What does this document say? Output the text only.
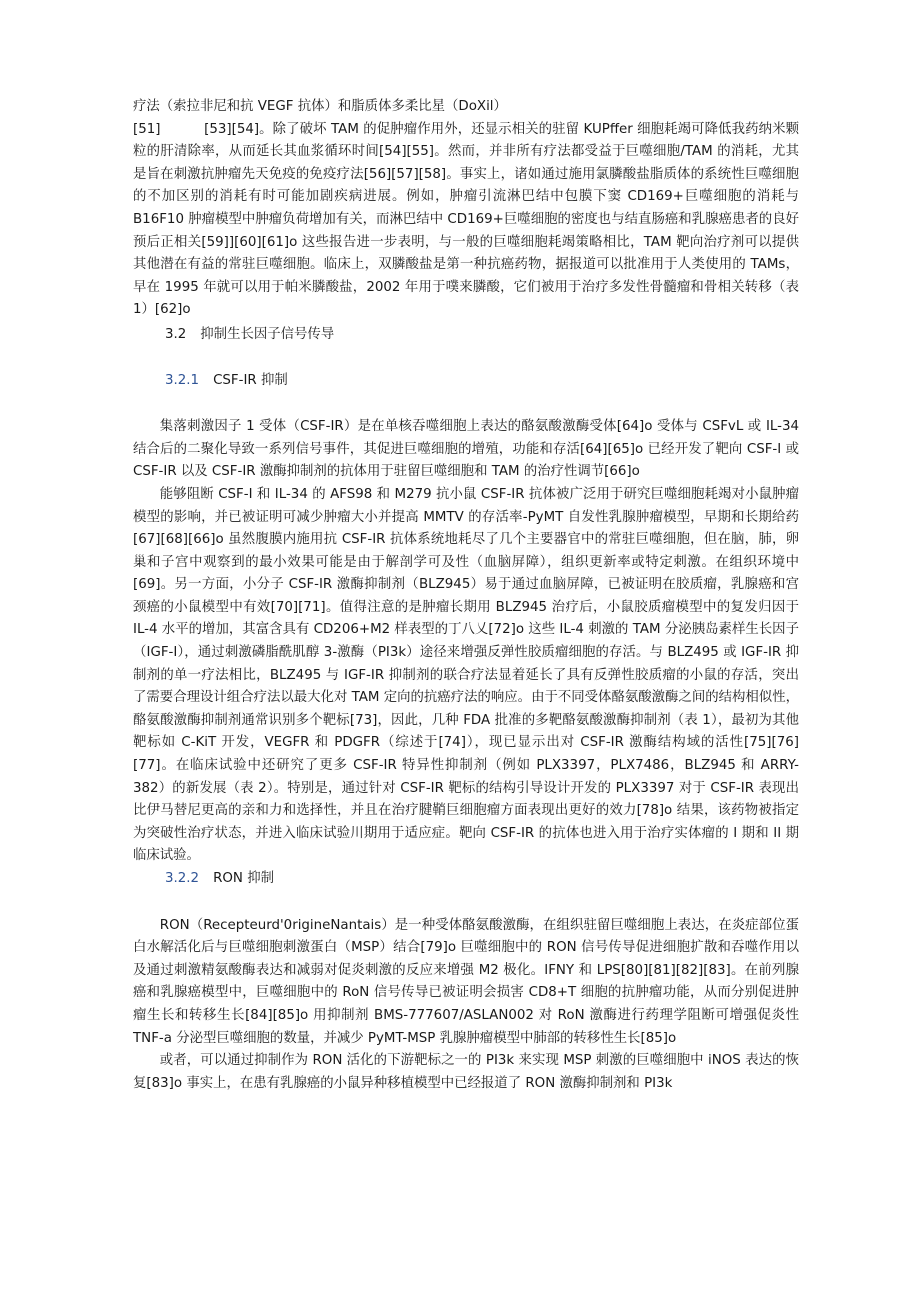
疗法（索拉非尼和抗 VEGF 抗体）和脂质体多柔比星（DoXil）

[51]          [53][54]。除了破坏 TAM 的促肿瘤作用外，还显示相关的驻留 KUPffer 细胞耗竭可降低我药纳米颗粒的肝清除率，从而延长其血浆循环时间[54][55]。然而，并非所有疗法都受益于巨噬细胞/TAM 的消耗，尤其是旨在刺激抗肿瘤先天免疫的免疫疗法[56][57][58]。事实上，诸如通过施用氯膦酸盐脂质体的系统性巨噬细胞的不加区别的消耗有时可能加剧疾病进展。例如，肿瘤引流淋巴结中包膜下窦 CD169+巨噬细胞的消耗与 B16F10 肿瘤模型中肿瘤负荷增加有关，而淋巴结中 CD169+巨噬细胞的密度也与结直肠癌和乳腺癌患者的良好预后正相关[59]][60][61]o 这些报告进一步表明，与一般的巨噬细胞耗竭策略相比，TAM 靶向治疗剂可以提供其他潜在有益的常驻巨噬细胞。临床上，双膦酸盐是第一种抗癌药物，据报道可以批准用于人类使用的 TAMs，早在 1995 年就可以用于帕米膦酸盐，2002 年用于噗来膦酸，它们被用于治疗多发性骨髓瘤和骨相关转移（表 1）[62]o

3.2 抑制生长因子信号传导
3.2.1 CSF-IR 抑制

集落刺激因子 1 受体（CSF-IR）是在单核吞噬细胞上表达的酪氨酸激酶受体[64]o 受体与 CSFvL 或 IL-34 结合后的二聚化导致一系列信号事件，其促进巨噬细胞的增殖，功能和存活[64][65]o 已经开发了靶向 CSF-I 或 CSF-IR 以及 CSF-IR 激酶抑制剂的抗体用于驻留巨噬细胞和 TAM 的治疗性调节[66]o

能够阻断 CSF-I 和 IL-34 的 AFS98 和 M279 抗小鼠 CSF-IR 抗体被广泛用于研究巨噬细胞耗竭对小鼠肿瘤模型的影响，并已被证明可减少肿瘤大小并提高 MMTV 的存活率-PyMT 自发性乳腺肿瘤模型，早期和长期给药[67][68][66]o 虽然腹膜内施用抗 CSF-IR 抗体系统地耗尽了几个主要器官中的常驻巨噬细胞，但在脑，肺，卵巢和子宫中观察到的最小效果可能是由于解剖学可及性（血脑屏障），组织更新率或特定刺激。在组织环境中[69]。另一方面，小分子 CSF-IR 激酶抑制剂（BLZ945）易于通过血脑屏障，已被证明在胶质瘤，乳腺癌和宫颈癌的小鼠模型中有效[70][71]。值得注意的是肿瘤长期用 BLZ945 治疗后，小鼠胶质瘤模型中的复发归因于 IL-4 水平的增加，其富含具有 CD206+M2 样表型的丁八乂[72]o 这些 IL-4 刺激的 TAM 分泌胰岛素样生长因子（IGF-I），通过刺激磷脂酰肌醇 3-激酶（PI3k）途径来增强反弹性胶质瘤细胞的存活。与 BLZ495 或 IGF-IR 抑制剂的单一疗法相比，BLZ495 与 IGF-IR 抑制剂的联合疗法显着延长了具有反弹性胶质瘤的小鼠的存活，突出了需要合理设计组合疗法以最大化对 TAM 定向的抗癌疗法的响应。由于不同受体酪氨酸激酶之间的结构相似性，酪氨酸激酶抑制剂通常识别多个靶标[73]，因此，几种 FDA 批准的多靶酪氨酸激酶抑制剂（表 1），最初为其他靶标如 C-KiT 开发，VEGFR 和 PDGFR（综述于[74]），现已显示出对 CSF-IR 激酶结构域的活性[75][76][77]。在临床试验中还研究了更多 CSF-IR 特异性抑制剂（例如 PLX3397，PLX7486，BLZ945 和 ARRY-382）的新发展（表 2）。特别是，通过针对 CSF-IR 靶标的结构引导设计开发的 PLX3397 对于 CSF-IR 表现出比伊马替尼更高的亲和力和选择性，并且在治疗腱鞘巨细胞瘤方面表现出更好的效力[78]o 结果，该药物被指定为突破性治疗状态，并进入临床试验川期用于适应症。靶向 CSF-IR 的抗体也进入用于治疗实体瘤的 I 期和 II 期临床试验。

3.2.2 RON 抑制

RON（Recepteurd'0rigineNantais）是一种受体酪氨酸激酶，在组织驻留巨噬细胞上表达，在炎症部位蛋白水解活化后与巨噬细胞刺激蛋白（MSP）结合[79]o 巨噬细胞中的 RON 信号传导促进细胞扩散和吞噬作用以及通过刺激精氨酸酶表达和减弱对促炎刺激的反应来增强 M2 极化。IFNY 和 LPS[80][81][82][83]。在前列腺癌和乳腺癌模型中，巨噬细胞中的 RoN 信号传导已被证明会损害 CD8+T 细胞的抗肿瘤功能，从而分别促进肿瘤生长和转移生长[84][85]o 用抑制剂 BMS-777607/ASLAN002 对 RoN 激酶进行药理学阻断可增强促炎性 TNF-a 分泌型巨噬细胞的数量，并减少 PyMT-MSP 乳腺肿瘤模型中肺部的转移性生长[85]o

或者，可以通过抑制作为 RON 活化的下游靶标之一的 PI3k 来实现 MSP 刺激的巨噬细胞中 iNOS 表达的恢复[83]o 事实上，在患有乳腺癌的小鼠异种移植模型中已经报道了 RON 激酶抑制剂和 PI3k
